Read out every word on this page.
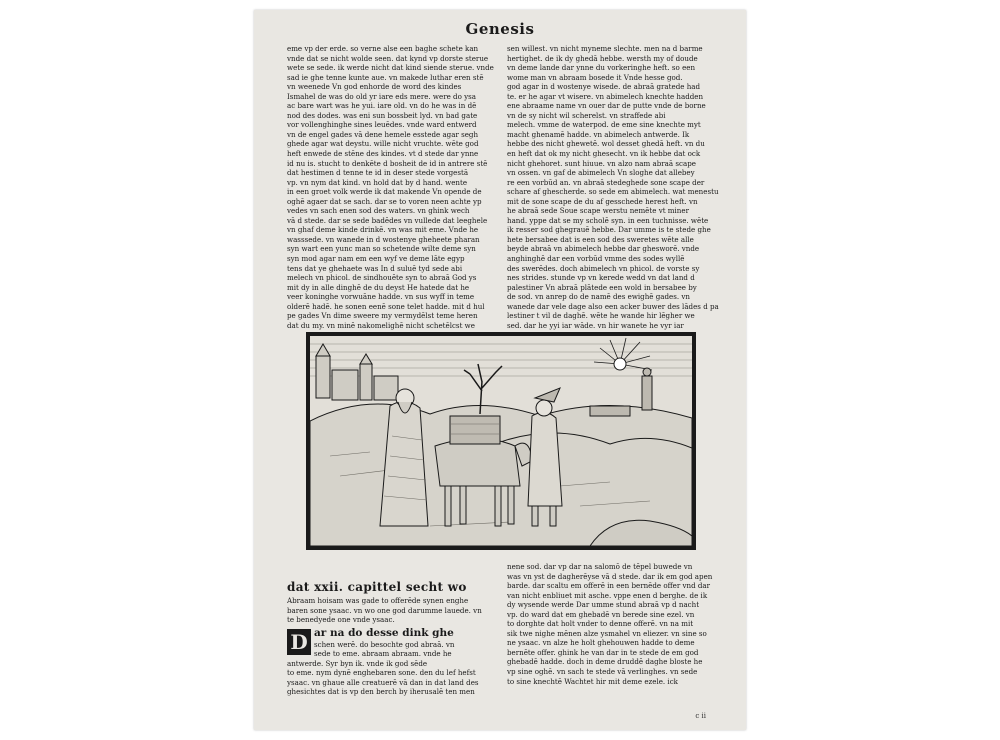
Genesis
eme vp der erde. so verne alse een baghe schete kan
vnde dat se nicht wolde seen. dat kynd vp dorste sterue
wete se sede. ik werde nicht dat kind siende sterue. vnde
sad ie ghe tenne kunte aue. vn makede luthar eren stē
vn weenede Vn god enhorde de word des kindes
Ismahel de was do old yr iare eds mere. were do ysa
ac bare wart was he yui. iare old. vn do he was in dē
nod des dodes. was eni sun bossbeit lyd. vn bad gate
vor vollenghinghe sines leuēdes. vnde ward entwerd
vn de engel gades vā dene hemele esstede agar segh
ghede agar wat deystu. wille nicht vruchte. wēte god
heft enwede de stēne des kindes. vt d stede dar ynne
id nu is. stucht to denkēte d bosheit de id in antrere stē
dat hestimen d tenne te id in deser stede vorgestā
vp. vn nym dat kind. vn hold dat by d hand. wente
in een groet volk werde ik dat makende Vn opende de
oghē agaer dat se sach. dar se to voren neen achte yp
vedes vn sach enen sod des waters. vn ghink wech
vā d stede. dar se sede badēdes vn vullede dat leeghele
vn ghaf deme kinde drinkē. vn was mit eme. Vnde he
wasssede. vn wanede in d wostenye gheheete pharan
syn wart een yunc man so schetende wilte deme syn
syn mod agar nam em een wyf ve deme lāte egyp
tens dat ye ghehaete was In d suluē tyd sede abi
melech vn phicol. de sindhouēte syn to abraā God ys
mit dy in alle dinghē de du deyst He hatede dat he
veer koninghe vorwuāne hadde. vn sus wyff in teme
olderē hadē. he sonen eenē sone telet hadde. mit d hul
pe gades Vn dime sweere my vermydēlst teme heren
dat du my. vn minē nakomelighē nicht schetēlcst we
sen willest. vn nicht myneme slechte. men na d barme
hertighet. de ik dy ghedā hebbe. wersth my of doude
vn deme lande dar ynne du vorkeringhe heft. so een
wome man vn abraam bosede it Vnde hesse god.
god agar in d wostenye wisede. de abraā gratede had
te. er he agar vt wisere. vn abimelech knechte hadden
ene abraame name vn ouer dar de putte vnde de borne
vn de sy nicht wil scherelst. vn straffede abi
melech. vmme de waterpod. de eme sine knechte myt
macht ghenamē hadde. vn abimelech antwerde. Ik
hebbe des nicht ghewetē. wol desset ghedā heft. vn du
en heft dat ok my nicht ghesecht. vn ik hebbe dat ock
nicht ghehoret. sunt hiuue. vn alzo nam abraā scape
vn ossen. vn gaf de abimelech Vn sloghe dat allebey
re een vorbūd an. vn abraā stedeghede sone scape der
schare af ghescherde. so sede em abimelech. wat menestu
mit de sone scape de du af gesschede herest heft. vn
he abraā sede Soue scape werstu nemēte vt miner
hand. yppe dat se my scholē syn. in een tuchnisse. wēte
ik resser sod ghegrauē hebbe. Dar umme is te stede ghe
hete bersabee dat is een sod des sweretes wēte alle
beyde abraā vn abimelech hebbe dar ghesworē. vnde
anghinghē dar een vorbūd vmme des sodes wyllē
des swerēdes. doch abimelech vn phicol. de vorste sy
nes strides. stunde vp vn kerede wedd vn dat land d
palestiner Vn abraā plātede een wold in bersabee by
de sod. vn anrep do de namē des ewighē gades. vn
wanede dar vele dage also een acker buwer des lādes d pa
lestiner t vil de daghē. wēte he wande hir lēgher we
sed. dar he yyi iar wāde. vn hir wanete he vyr iar
dat xxii. capittel secht wo
Abraam hoisam was gade to offerēde synen enghe
baren sone ysaac. vn wo one god darumme lauede. vn
te benedyede one vnde ysaac.
D ar na do desse dink ghe
schen werē. do besochte god abraā. vn
sede to eme. abraam abraam. vnde he
antwerde. Syr byn ik. vnde ik god sēde
to eme. nym dynē enghebaren sone. den du lef hefst
ysaac. vn ghaue alle creatuerē vā dan in dat land des
ghesichtes dat is vp den berch by iherusalē ten men
nene sod. dar vp dar na salomō de tēpel buwede vn
was vn yst de dagherēyse vā d stede. dar ik em god apen
barde. dar scaltu em offerē in een bernēde offer vnd dar
van nicht enbliuet mit asche. vppe enen d berghe. de ik
dy wysende werde Dar umme stund abraā vp d nacht
vp. do ward dat em ghebadē vn berede sine ezel. vn
to dorghte dat holt vnder to denne offerē. vn na mit
sik twe nighe mēnen alze ysmahel vn eliezer. vn sine so
ne ysaac. vn alze he holt ghehouwen hadde to deme
bernēte offer. ghink he van dar in te stede de em god
ghebadē hadde. doch in deme druddē daghe bloste he
vp sine oghē. vn sach te stede vā verlinghes. vn sede
to sine knechtē Wachtet hir mit deme ezele. ick
c ii
